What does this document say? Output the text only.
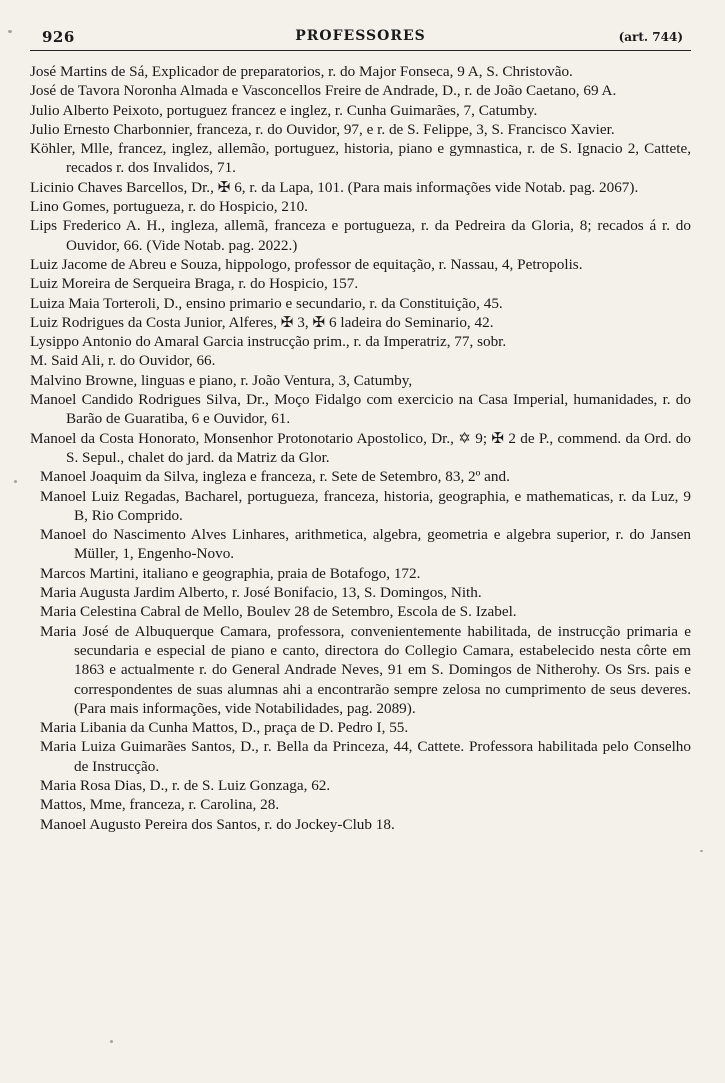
926	PROFESSORES	(art. 744)

José Martins de Sá, Explicador de preparatorios, r. do Major Fonseca, 9 A, S. Christovão.

José de Tavora Noronha Almada e Vasconcellos Freire de Andrade, D., r. de João Caetano, 69 A.

Julio Alberto Peixoto, portuguez francez e inglez, r. Cunha Guimarães, 7, Catumby.

Julio Ernesto Charbonnier, franceza, r. do Ouvidor, 97, e r. de S. Felippe, 3, S. Francisco Xavier.

Köhler, Mlle, francez, inglez, allemão, portuguez, historia, piano e gymnastica, r. de S. Ignacio 2, Cattete, recados r. dos Invalidos, 71.

Licinio Chaves Barcellos, Dr., ✠ 6, r. da Lapa, 101. (Para mais informações vide Notab. pag. 2067).

Lino Gomes, portugueza, r. do Hospicio, 210.

Lips Frederico A. H., ingleza, allemã, franceza e portugueza, r. da Pedreira da Gloria, 8; recados á r. do Ouvidor, 66. (Vide Notab. pag. 2022.)

Luiz Jacome de Abreu e Souza, hippologo, professor de equitação, r. Nassau, 4, Petropolis.

Luiz Moreira de Serqueira Braga, r. do Hospicio, 157.

Luiza Maia Torteroli, D., ensino primario e secundario, r. da Constituição, 45.

Luiz Rodrigues da Costa Junior, Alferes, ✠ 3, ✠ 6 ladeira do Seminario, 42.

Lysippo Antonio do Amaral Garcia instrucção prim., r. da Imperatriz, 77, sobr.

M. Said Ali, r. do Ouvidor, 66.

Malvino Browne, linguas e piano, r. João Ventura, 3, Catumby,

Manoel Candido Rodrigues Silva, Dr., Moço Fidalgo com exercicio na Casa Imperial, humanidades, r. do Barão de Guaratiba, 6 e Ouvidor, 61.

Manoel da Costa Honorato, Monsenhor Protonotario Apostolico, Dr., ✡ 9; ✠ 2 de P., commend. da Ord. do S. Sepul., chalet do jard. da Matriz da Glor.

Manoel Joaquim da Silva, ingleza e franceza, r. Sete de Setembro, 83, 2º and.

Manoel Luiz Regadas, Bacharel, portugueza, franceza, historia, geographia, e mathematicas, r. da Luz, 9 B, Rio Comprido.

Manoel do Nascimento Alves Linhares, arithmetica, algebra, geometria e algebra superior, r. do Jansen Müller, 1, Engenho-Novo.

Marcos Martini, italiano e geographia, praia de Botafogo, 172.

Maria Augusta Jardim Alberto, r. José Bonifacio, 13, S. Domingos, Nith.

Maria Celestina Cabral de Mello, Boulev 28 de Setembro, Escola de S. Izabel.

Maria José de Albuquerque Camara, professora, convenientemente habilitada, de instrucção primaria e secundaria e especial de piano e canto, directora do Collegio Camara, estabelecido nesta côrte em 1863 e actualmente r. do General Andrade Neves, 91 em S. Domingos de Nitherohy. Os Srs. pais e correspondentes de suas alumnas ahi a encontrarão sempre zelosa no cumprimento de seus deveres. (Para mais informações, vide Notabilidades, pag. 2089).

Maria Libania da Cunha Mattos, D., praça de D. Pedro I, 55.

Maria Luiza Guimarães Santos, D., r. Bella da Princeza, 44, Cattete. Professora habilitada pelo Conselho de Instrucção.

Maria Rosa Dias, D., r. de S. Luiz Gonzaga, 62.

Mattos, Mme, franceza, r. Carolina, 28.

Manoel Augusto Pereira dos Santos, r. do Jockey-Club 18.
